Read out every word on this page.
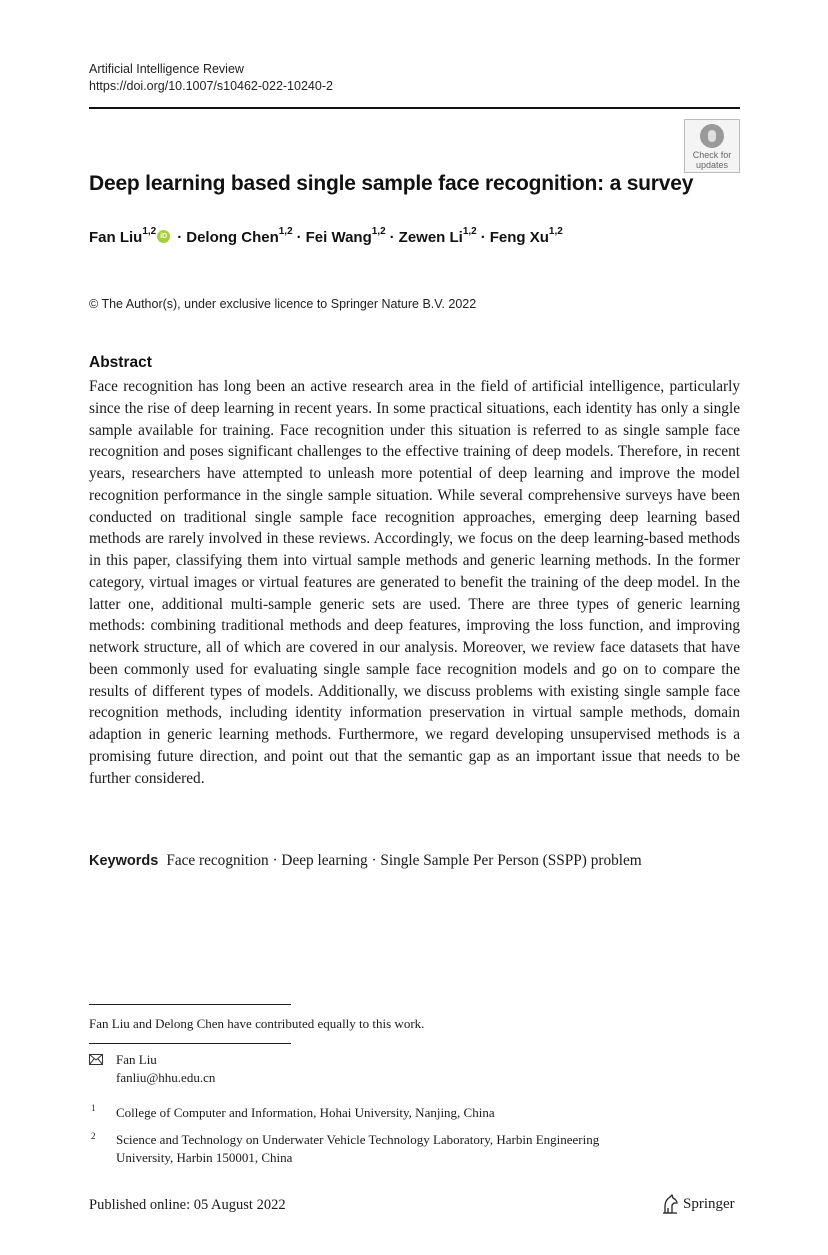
Artificial Intelligence Review
https://doi.org/10.1007/s10462-022-10240-2
Check for
updates
Deep learning based single sample face recognition: a survey
Fan Liu$^{1,2}$ iD · Delong Chen$^{1,2}$ · Fei Wang$^{1,2}$ · Zewen Li$^{1,2}$ · Feng Xu$^{1,2}$
© The Author(s), under exclusive licence to Springer Nature B.V. 2022
Abstract

Face recognition has long been an active research area in the field of artificial intelligence, particularly since the rise of deep learning in recent years. In some practical situations, each identity has only a single sample available for training. Face recognition under this situation is referred to as single sample face recognition and poses significant challenges to the effective training of deep models. Therefore, in recent years, researchers have attempted to unleash more potential of deep learning and improve the model recognition performance in the single sample situation. While several comprehensive surveys have been conducted on traditional single sample face recognition approaches, emerging deep learning based methods are rarely involved in these reviews. Accordingly, we focus on the deep learning-based methods in this paper, classifying them into virtual sample methods and generic learning methods. In the former category, virtual images or virtual features are generated to benefit the training of the deep model. In the latter one, additional multi-sample generic sets are used. There are three types of generic learning methods: combining traditional methods and deep features, improving the loss function, and improving network structure, all of which are covered in our analysis. Moreover, we review face datasets that have been commonly used for evaluating single sample face recognition models and go on to compare the results of different types of models. Additionally, we discuss problems with existing single sample face recognition methods, including identity information preservation in virtual sample methods, domain adaption in generic learning methods. Furthermore, we regard developing unsupervised methods is a promising future direction, and point out that the semantic gap as an important issue that needs to be further considered.

Keywords Face recognition · Deep learning · Single Sample Per Person (SSPP) problem
Fan Liu and Delong Chen have contributed equally to this work.
Fan Liu
fanliu@hhu.edu.cn
1 College of Computer and Information, Hohai University, Nanjing, China
2 Science and Technology on Underwater Vehicle Technology Laboratory, Harbin Engineering
University, Harbin 150001, China
Published online: 05 August 2022	Springer
